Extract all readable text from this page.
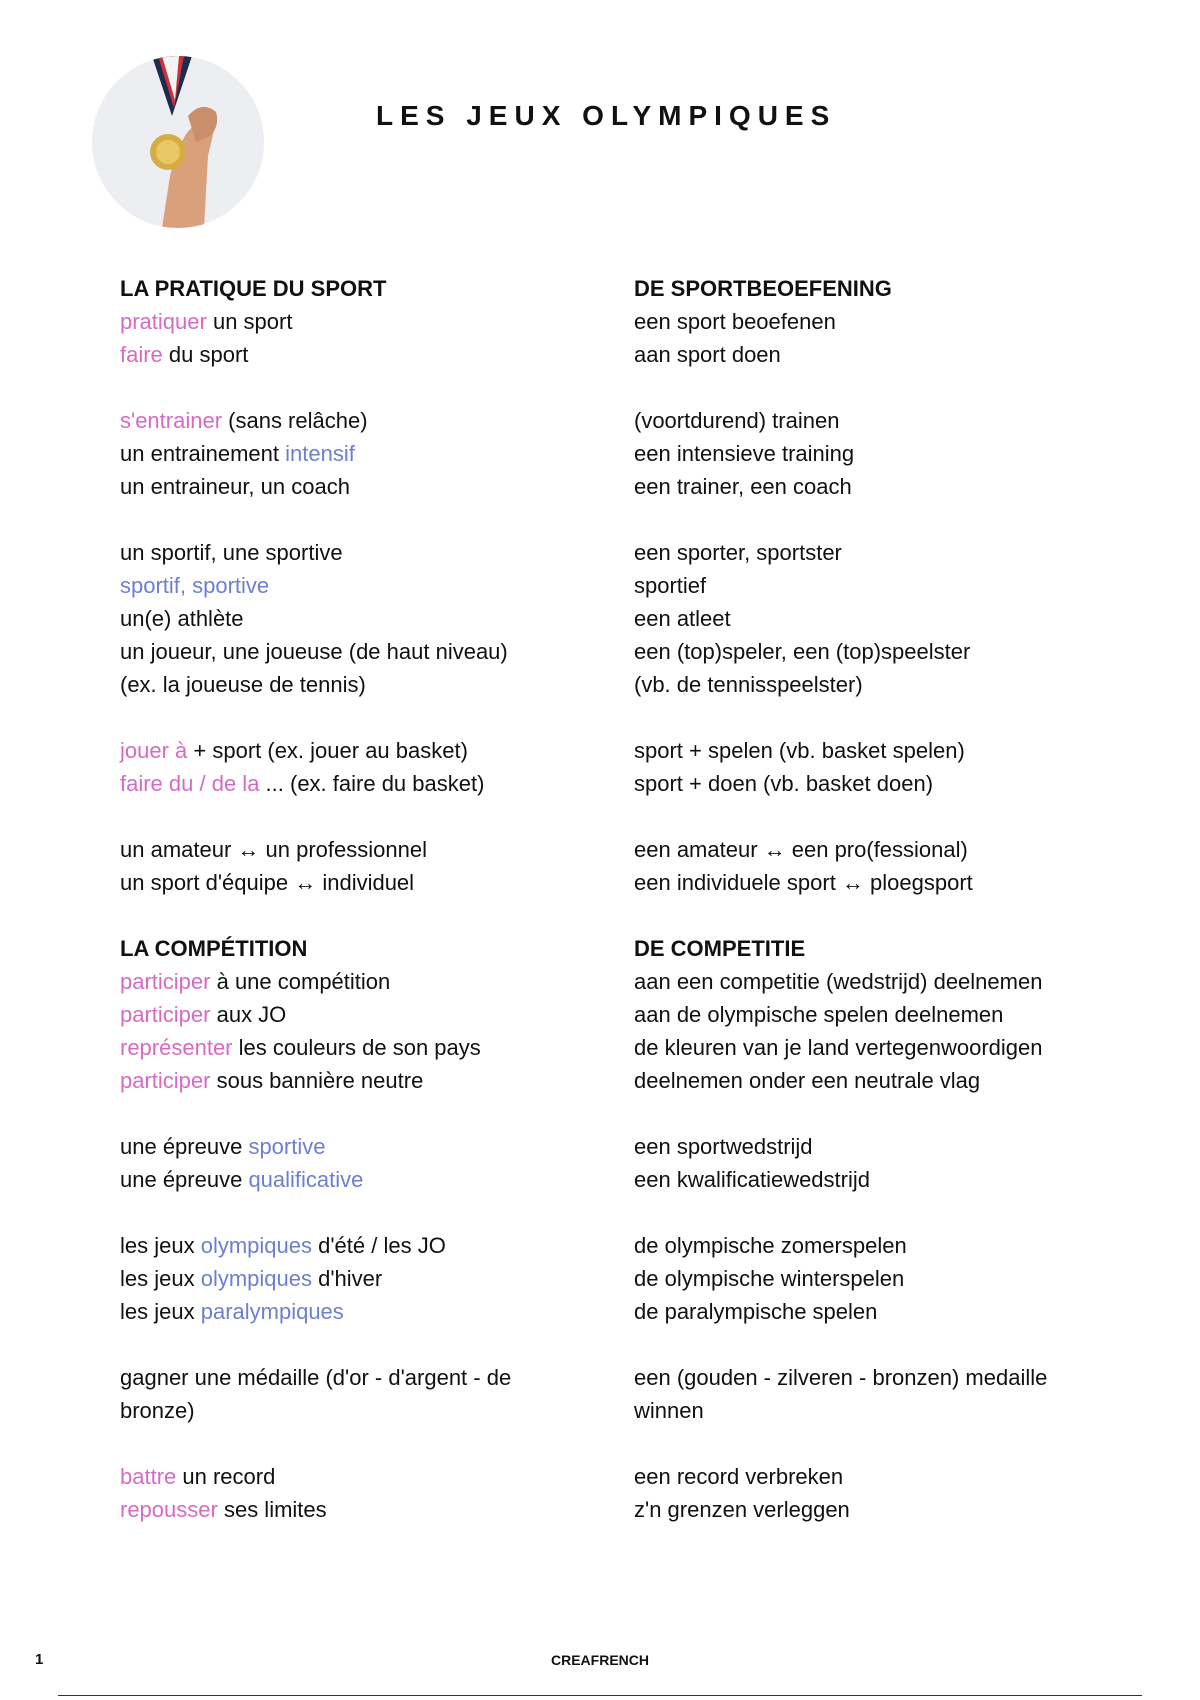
LES JEUX OLYMPIQUES
LA PRATIQUE DU SPORT
pratiquer un sport
faire du sport
s'entrainer (sans relâche)
un entrainement intensif
un entraineur, un coach
un sportif, une sportive
sportif, sportive
un(e) athlète
un joueur, une joueuse (de haut niveau)
(ex. la joueuse de tennis)
jouer à + sport (ex. jouer au basket)
faire du / de la ... (ex. faire du basket)
un amateur ↔ un professionnel
un sport d'équipe ↔ individuel
LA COMPÉTITION
participer à une compétition
participer aux JO
représenter les couleurs de son pays
participer sous bannière neutre
une épreuve sportive
une épreuve qualificative
les jeux olympiques d'été / les JO
les jeux olympiques d'hiver
les jeux paralympiques
gagner une médaille (d'or - d'argent - de
bronze)
battre un record
repousser ses limites
DE SPORTBEOEFENING
een sport beoefenen
aan sport doen
(voortdurend) trainen
een intensieve training
een trainer, een coach
een sporter, sportster
sportief
een atleet
een (top)speler, een (top)speelster
(vb. de tennisspeelster)
sport + spelen (vb. basket spelen)
sport + doen (vb. basket doen)
een amateur ↔ een pro(fessional)
een individuele sport ↔ ploegsport
DE COMPETITIE
aan een competitie (wedstrijd) deelnemen
aan de olympische spelen deelnemen
de kleuren van je land vertegenwoordigen
deelnemen onder een neutrale vlag
een sportwedstrijd
een kwalificatiewedstrijd
de olympische zomerspelen
de olympische winterspelen
de paralympische spelen
een (gouden - zilveren - bronzen) medaille
winnen
een record verbreken
z'n grenzen verleggen
1	CREAFRENCH
